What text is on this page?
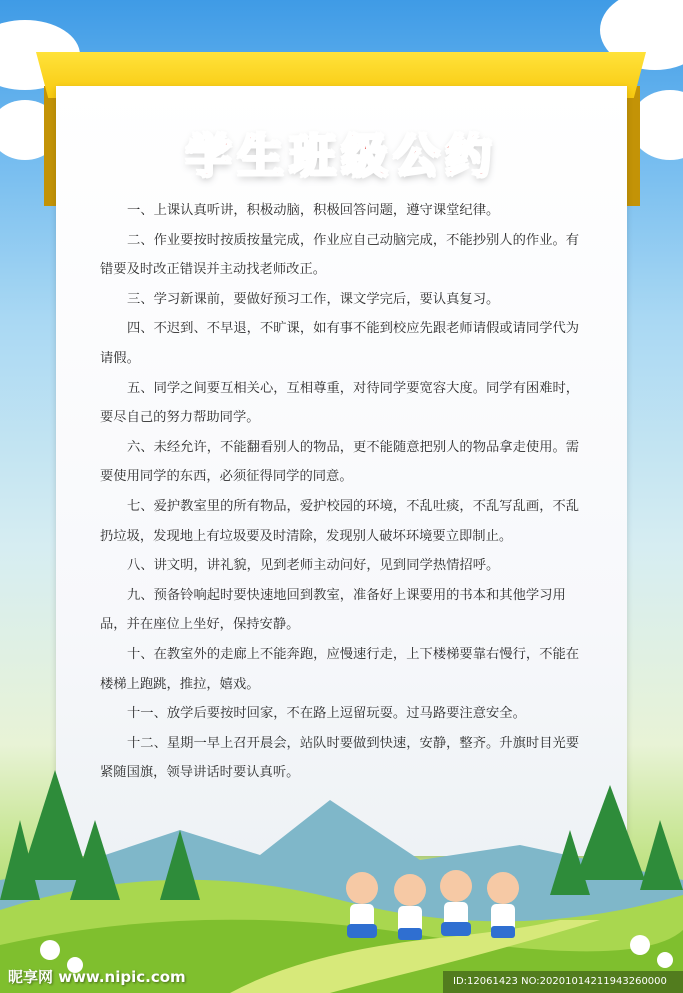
学生班级公约

一、上课认真听讲，积极动脑，积极回答问题，遵守课堂纪律。

二、作业要按时按质按量完成，作业应自己动脑完成，不能抄别人的作业。有错要及时改正错误并主动找老师改正。

三、学习新课前，要做好预习工作，课文学完后，要认真复习。

四、不迟到、不早退，不旷课，如有事不能到校应先跟老师请假或请同学代为请假。

五、同学之间要互相关心，互相尊重，对待同学要宽容大度。同学有困难时，要尽自己的努力帮助同学。

六、未经允许，不能翻看别人的物品，更不能随意把别人的物品拿走使用。需要使用同学的东西，必须征得同学的同意。

七、爱护教室里的所有物品，爱护校园的环境，不乱吐痰，不乱写乱画，不乱扔垃圾，发现地上有垃圾要及时清除，发现别人破坏环境要立即制止。

八、讲文明，讲礼貌，见到老师主动问好，见到同学热情招呼。

九、预备铃响起时要快速地回到教室，准备好上课要用的书本和其他学习用品，并在座位上坐好，保持安静。

十、在教室外的走廊上不能奔跑，应慢速行走，上下楼梯要靠右慢行，不能在楼梯上跑跳，推拉，嬉戏。

十一、放学后要按时回家，不在路上逗留玩耍。过马路要注意安全。

十二、星期一早上召开晨会，站队时要做到快速，安静，整齐。升旗时目光要紧随国旗，领导讲话时要认真听。

昵享网 www.nipic.com	ID:12061423 NO:20201014211943260000
